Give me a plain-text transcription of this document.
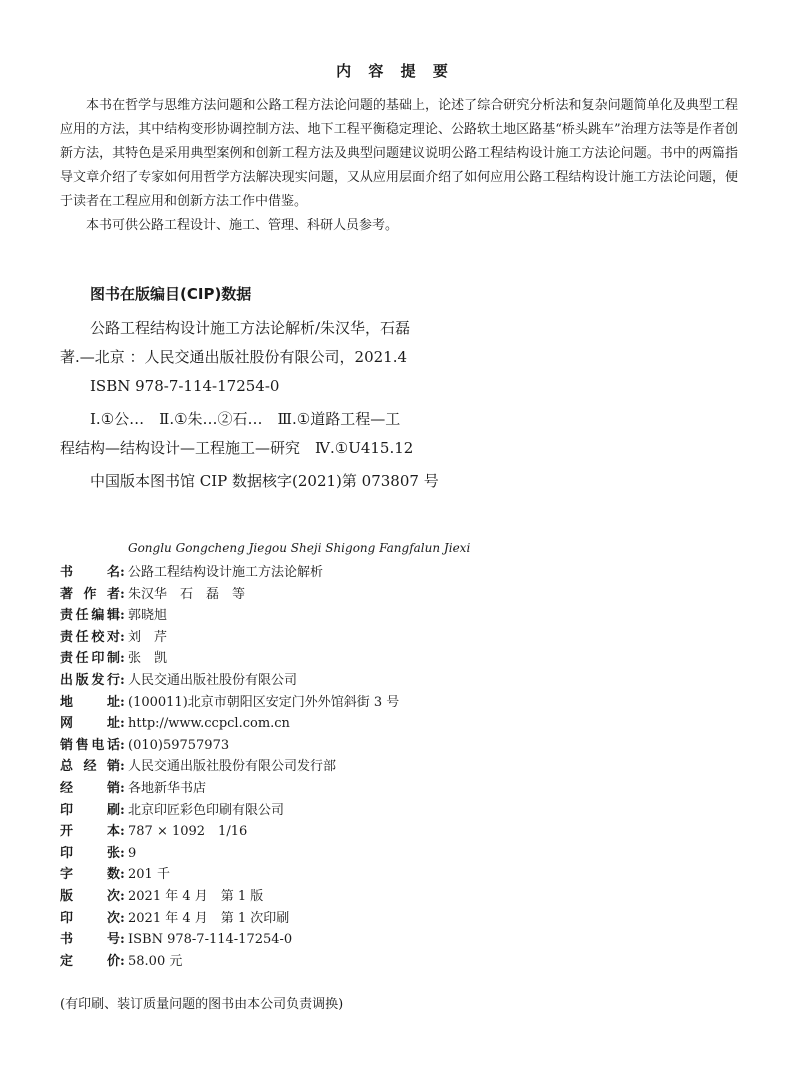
内 容 提 要

本书在哲学与思维方法问题和公路工程方法论问题的基础上，论述了综合研究分析法和复杂问题简单化及典型工程应用的方法，其中结构变形协调控制方法、地下工程平衡稳定理论、公路软土地区路基“桥头跳车”治理方法等是作者创新方法，其特色是采用典型案例和创新工程方法及典型问题建议说明公路工程结构设计施工方法论问题。书中的两篇指导文章介绍了专家如何用哲学方法解决现实问题，又从应用层面介绍了如何应用公路工程结构设计施工方法论问题，便于读者在工程应用和创新方法工作中借鉴。

本书可供公路工程设计、施工、管理、科研人员参考。

图书在版编目(CIP)数据
公路工程结构设计施工方法论解析/朱汉华，石磊
著.—北京 ：人民交通出版社股份有限公司，2021.4
ISBN 978-7-114-17254-0
Ⅰ.①公…　Ⅱ.①朱…②石…　Ⅲ.①道路工程—工
程结构—结构设计—工程施工—研究　Ⅳ.①U415.12
中国版本图书馆 CIP 数据核字(2021)第 073807 号
Gonglu Gongcheng Jiegou Sheji Shigong Fangfalun Jiexi
书　名 : 公路工程结构设计施工方法论解析
著 作 者 : 朱汉华　石　磊　等
责任编辑 : 郭晓旭
责任校对 : 刘　芹
责任印制 : 张　凯
出版发行 : 人民交通出版社股份有限公司
地　址 : (100011)北京市朝阳区安定门外外馆斜街 3 号
网　址 : http://www.ccpcl.com.cn
销售电话 : (010)59757973
总 经 销 : 人民交通出版社股份有限公司发行部
经　销 : 各地新华书店
印　刷 : 北京印匠彩色印刷有限公司
开　本 : 787 × 1092　1/16
印　张 : 9
字　数 : 201 千
版　次 : 2021 年 4 月　第 1 版
印　次 : 2021 年 4 月　第 1 次印刷
书　号 : ISBN 978-7-114-17254-0
定　价 : 58.00 元
(有印刷、装订质量问题的图书由本公司负责调换)
